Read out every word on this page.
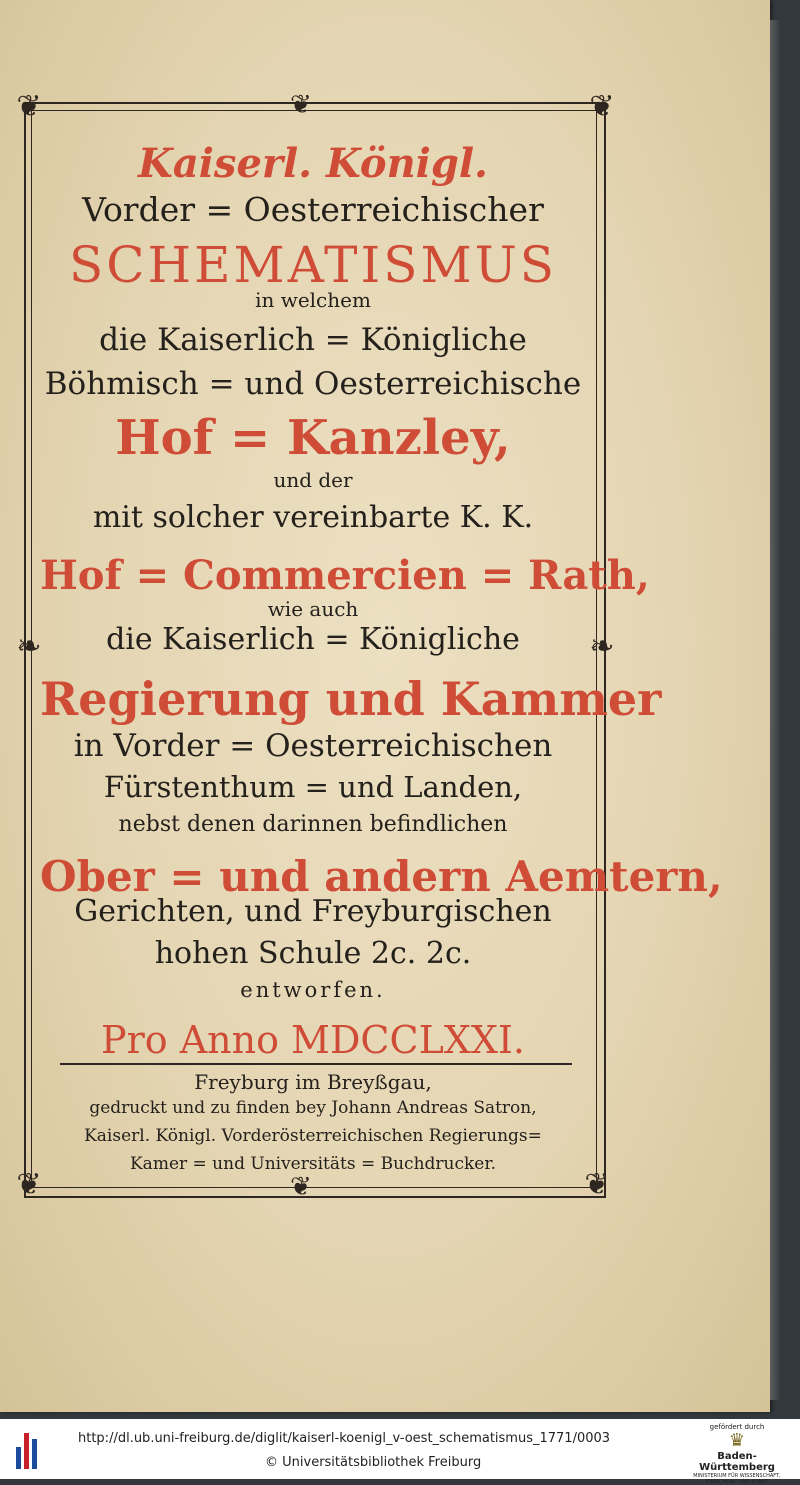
❦	❦
❦	❦
❧	❧
❦
❦
Kaiserl. Königl.
Vorder = Oesterreichischer
SCHEMATISMUS
in welchem
die Kaiserlich = Königliche
Böhmisch = und Oesterreichische
Hof = Kanzley,
und der
mit solcher vereinbarte K. K.
Hof = Commercien = Rath,
wie auch
die Kaiserlich = Königliche
Regierung und Kammer
in Vorder = Oesterreichischen
Fürstenthum = und Landen,
nebst denen darinnen befindlichen
Ober = und andern Aemtern,
Gerichten, und Freyburgischen
hohen Schule 2c. 2c.
entworfen.
Pro Anno MDCCLXXI.
Freyburg im Breyßgau,
gedruckt und zu finden bey Johann Andreas Satron,
Kaiserl. Königl. Vorderösterreichischen Regierungs=
Kamer = und Universitäts = Buchdrucker.
http://dl.ub.uni-freiburg.de/diglit/kaiserl-koenigl_v-oest_schematismus_1771/0003
© Universitätsbibliothek Freiburg
gefördert durch
♛
Baden-Württemberg
MINISTERIUM FÜR WISSENSCHAFT, FORSCHUNG UND KUNST
